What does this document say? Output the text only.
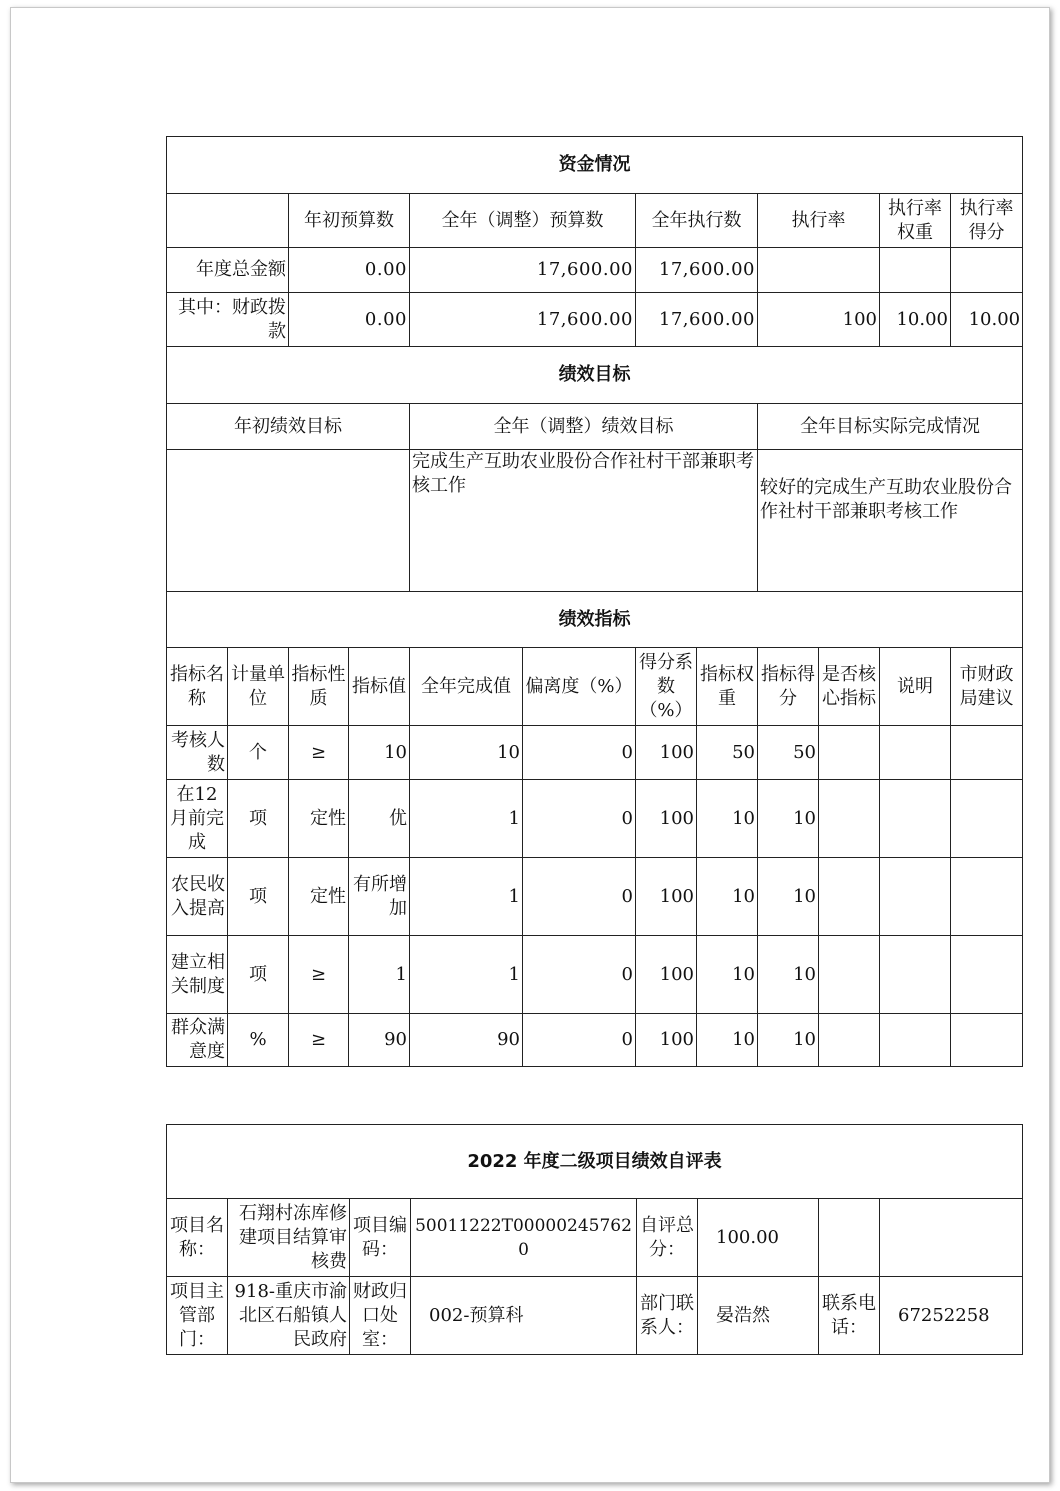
资金情况											
		年初预算数		全年（调整）预算数		全年执行数		执行率		执行率权重	执行率得分
年度总金额		0.00		17,600.00		17,600.00					
其中：财政拨款		0.00		17,600.00		17,600.00		100		10.00	10.00
绩效目标											
年初绩效目标				全年（调整）绩效目标				全年目标实际完成情况			
				完成生产互助农业股份合作社村干部兼职考核工作				较好的完成生产互助农业股份合作社村干部兼职考核工作			
绩效指标											
指标名称	计量单位	指标性质	指标值	全年完成值	偏离度（%）	得分系数（%）	指标权重	指标得分	是否核心指标	说明	市财政局建议
考核人数	个	≥	10	10	0	100	50	50			
在12月前完成	项	定性	优	1	0	100	10	10			
农民收入提高	项	定性	有所增加	1	0	100	10	10			
建立相关制度	项	≥	1	1	0	100	10	10			
群众满意度	%	≥	90	90	0	100	10	10			
2022 年度二级项目绩效自评表							
项目名称：	石翔村冻库修建项目结算审核费	项目编码：	50011222T000002457620	自评总分：	100.00		
项目主管部门：	918-重庆市渝北区石船镇人民政府	财政归口处室：	002-预算科	部门联系人：	晏浩然	联系电话：	67252258
